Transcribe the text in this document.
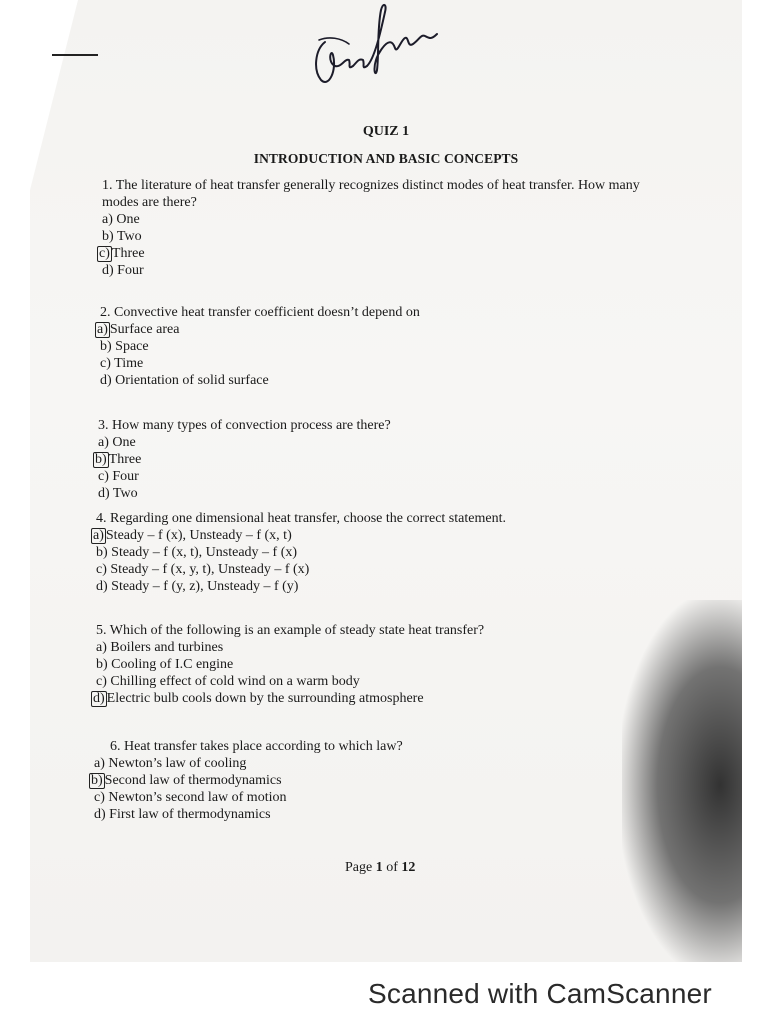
QUIZ 1
INTRODUCTION AND BASIC CONCEPTS
1. The literature of heat transfer generally recognizes distinct modes of heat transfer. How many modes are there?
a) One
b) Two
c) Three
d) Four
2. Convective heat transfer coefficient doesn’t depend on
a) Surface area
b) Space
c) Time
d) Orientation of solid surface
3. How many types of convection process are there?
a) One
b) Three
c) Four
d) Two
4. Regarding one dimensional heat transfer, choose the correct statement.
a) Steady – f (x), Unsteady – f (x, t)
b) Steady – f (x, t), Unsteady – f (x)
c) Steady – f (x, y, t), Unsteady – f (x)
d) Steady – f (y, z), Unsteady – f (y)
5. Which of the following is an example of steady state heat transfer?
a) Boilers and turbines
b) Cooling of I.C engine
c) Chilling effect of cold wind on a warm body
d) Electric bulb cools down by the surrounding atmosphere
6. Heat transfer takes place according to which law?
a) Newton’s law of cooling
b) Second law of thermodynamics
c) Newton’s second law of motion
d) First law of thermodynamics
Page 1 of 12
Scanned with CamScanner
